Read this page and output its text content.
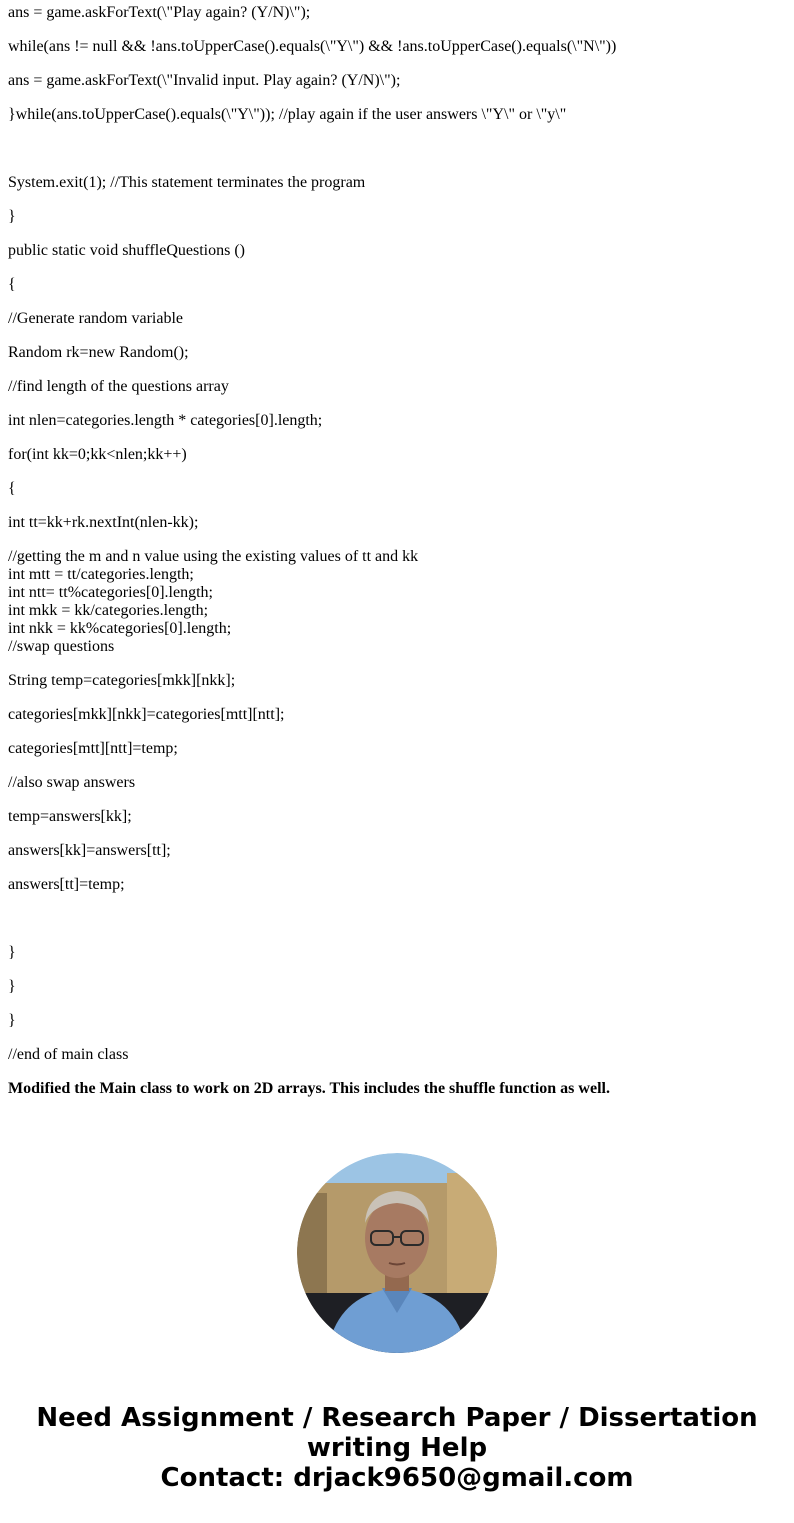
ans = game.askForText(\"Play again? (Y/N)\");
while(ans != null && !ans.toUpperCase().equals(\"Y\") && !ans.toUpperCase().equals(\"N\"))
ans = game.askForText(\"Invalid input. Play again? (Y/N)\");
}while(ans.toUpperCase().equals(\"Y\")); //play again if the user answers \"Y\" or \"y\"
System.exit(1); //This statement terminates the program
}
public static void shuffleQuestions ()
{
//Generate random variable
Random rk=new Random();
//find length of the questions array
int nlen=categories.length * categories[0].length;
for(int kk=0;kk<nlen;kk++)
{
int tt=kk+rk.nextInt(nlen-kk);
//getting the m and n value using the existing values of tt and kk
int mtt = tt/categories.length;
int ntt= tt%categories[0].length;
int mkk = kk/categories.length;
int nkk = kk%categories[0].length;
//swap questions
String temp=categories[mkk][nkk];
categories[mkk][nkk]=categories[mtt][ntt];
categories[mtt][ntt]=temp;
//also swap answers
temp=answers[kk];
answers[kk]=answers[tt];
answers[tt]=temp;
}
}
}
//end of main class
Modified the Main class to work on 2D arrays. This includes the shuffle function as well.
Need Assignment / Research Paper / Dissertation
writing Help
Contact: drjack9650@gmail.com
